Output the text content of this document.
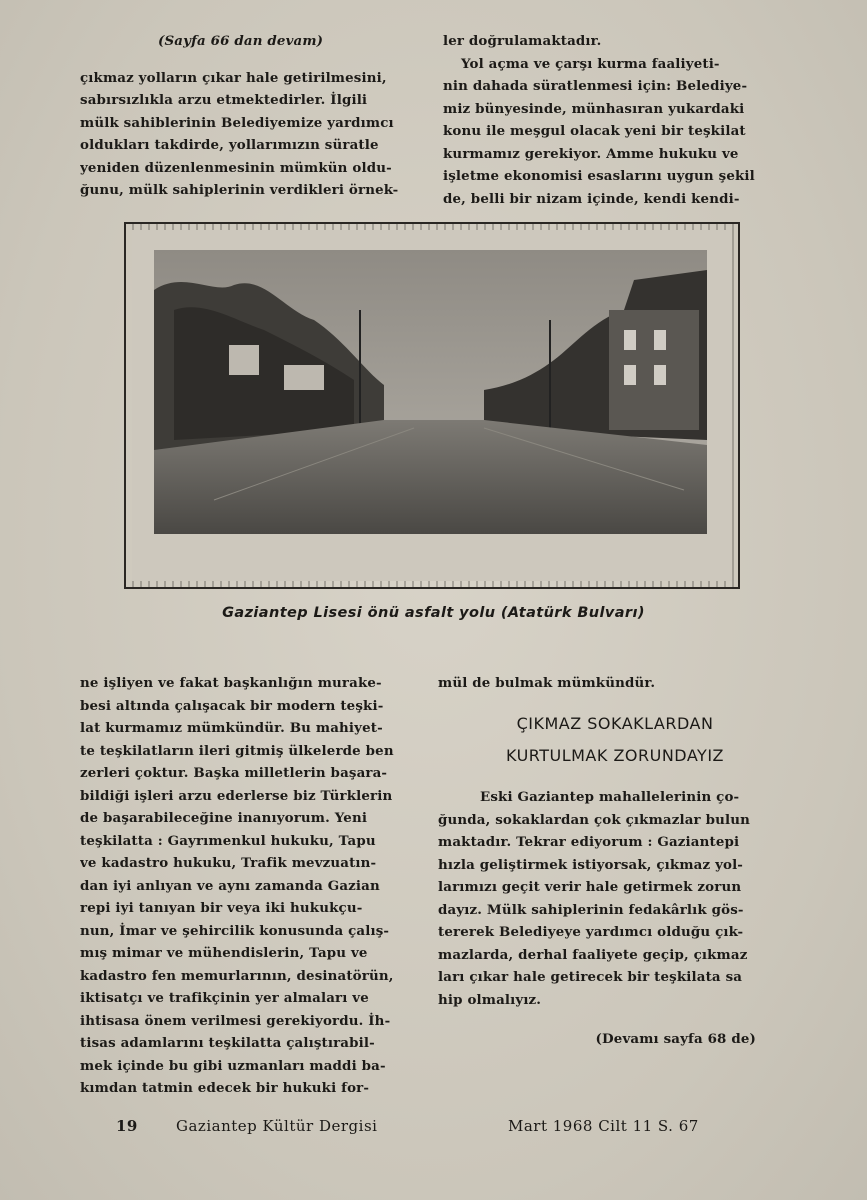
(Sayfa 66 dan devam)
çıkmaz yolların çıkar hale getirilmesini,
sabırsızlıkla arzu etmektedirler. İlgili
mülk sahiblerinin Belediyemize yardımcı
oldukları takdirde, yollarımızın süratle
yeniden düzenlenmesinin mümkün oldu-
ğunu, mülk sahiplerinin verdikleri örnek-
ler doğrulamaktadır.
Yol açma ve çarşı kurma faaliyeti-
nin dahada süratlenmesi için: Belediye-
miz bünyesinde, münhasıran yukardaki
konu ile meşgul olacak yeni bir teşkilat
kurmamız gerekiyor. Amme hukuku ve
işletme ekonomisi esaslarını uygun şekil
de, belli bir nizam içinde, kendi kendi-
Gaziantep Lisesi önü asfalt yolu (Atatürk Bulvarı)
ne işliyen ve fakat başkanlığın murake-
besi altında çalışacak bir modern teşki-
lat kurmamız mümkündür. Bu mahiyet-
te teşkilatların ileri gitmiş ülkelerde ben
zerleri çoktur. Başka milletlerin başara-
bildiği işleri arzu ederlerse biz Türklerin
de başarabileceğine inanıyorum. Yeni
teşkilatta : Gayrımenkul hukuku, Tapu
ve kadastro hukuku, Trafik mevzuatın-
dan iyi anlıyan ve aynı zamanda Gazian
repi iyi tanıyan bir veya iki hukukçu-
nun, İmar ve şehircilik konusunda çalış-
mış mimar ve mühendislerin, Tapu ve
kadastro fen memurlarının, desinatörün,
iktisatçı ve trafikçinin yer almaları ve
ihtisasa önem verilmesi gerekiyordu. İh-
tisas adamlarını teşkilatta çalıştırabil-
mek içinde bu gibi uzmanları maddi ba-
kımdan tatmin edecek bir hukuki for-
mül de bulmak mümkündür.
ÇIKMAZ SOKAKLARDAN
KURTULMAK ZORUNDAYIZ
Eski Gaziantep mahallelerinin ço-
ğunda, sokaklardan çok çıkmazlar bulun
maktadır. Tekrar ediyorum : Gaziantepi
hızla geliştirmek istiyorsak, çıkmaz yol-
larımızı geçit verir hale getirmek zorun
dayız. Mülk sahiplerinin fedakârlık gös-
tererek Belediyeye yardımcı olduğu çık-
mazlarda, derhal faaliyete geçip, çıkmaz
ları çıkar hale getirecek bir teşkilata sa
hip olmalıyız.
(Devamı sayfa 68 de)
19	Gaziantep Kültür Dergisi	Mart 1968 Cilt 11 S. 67
